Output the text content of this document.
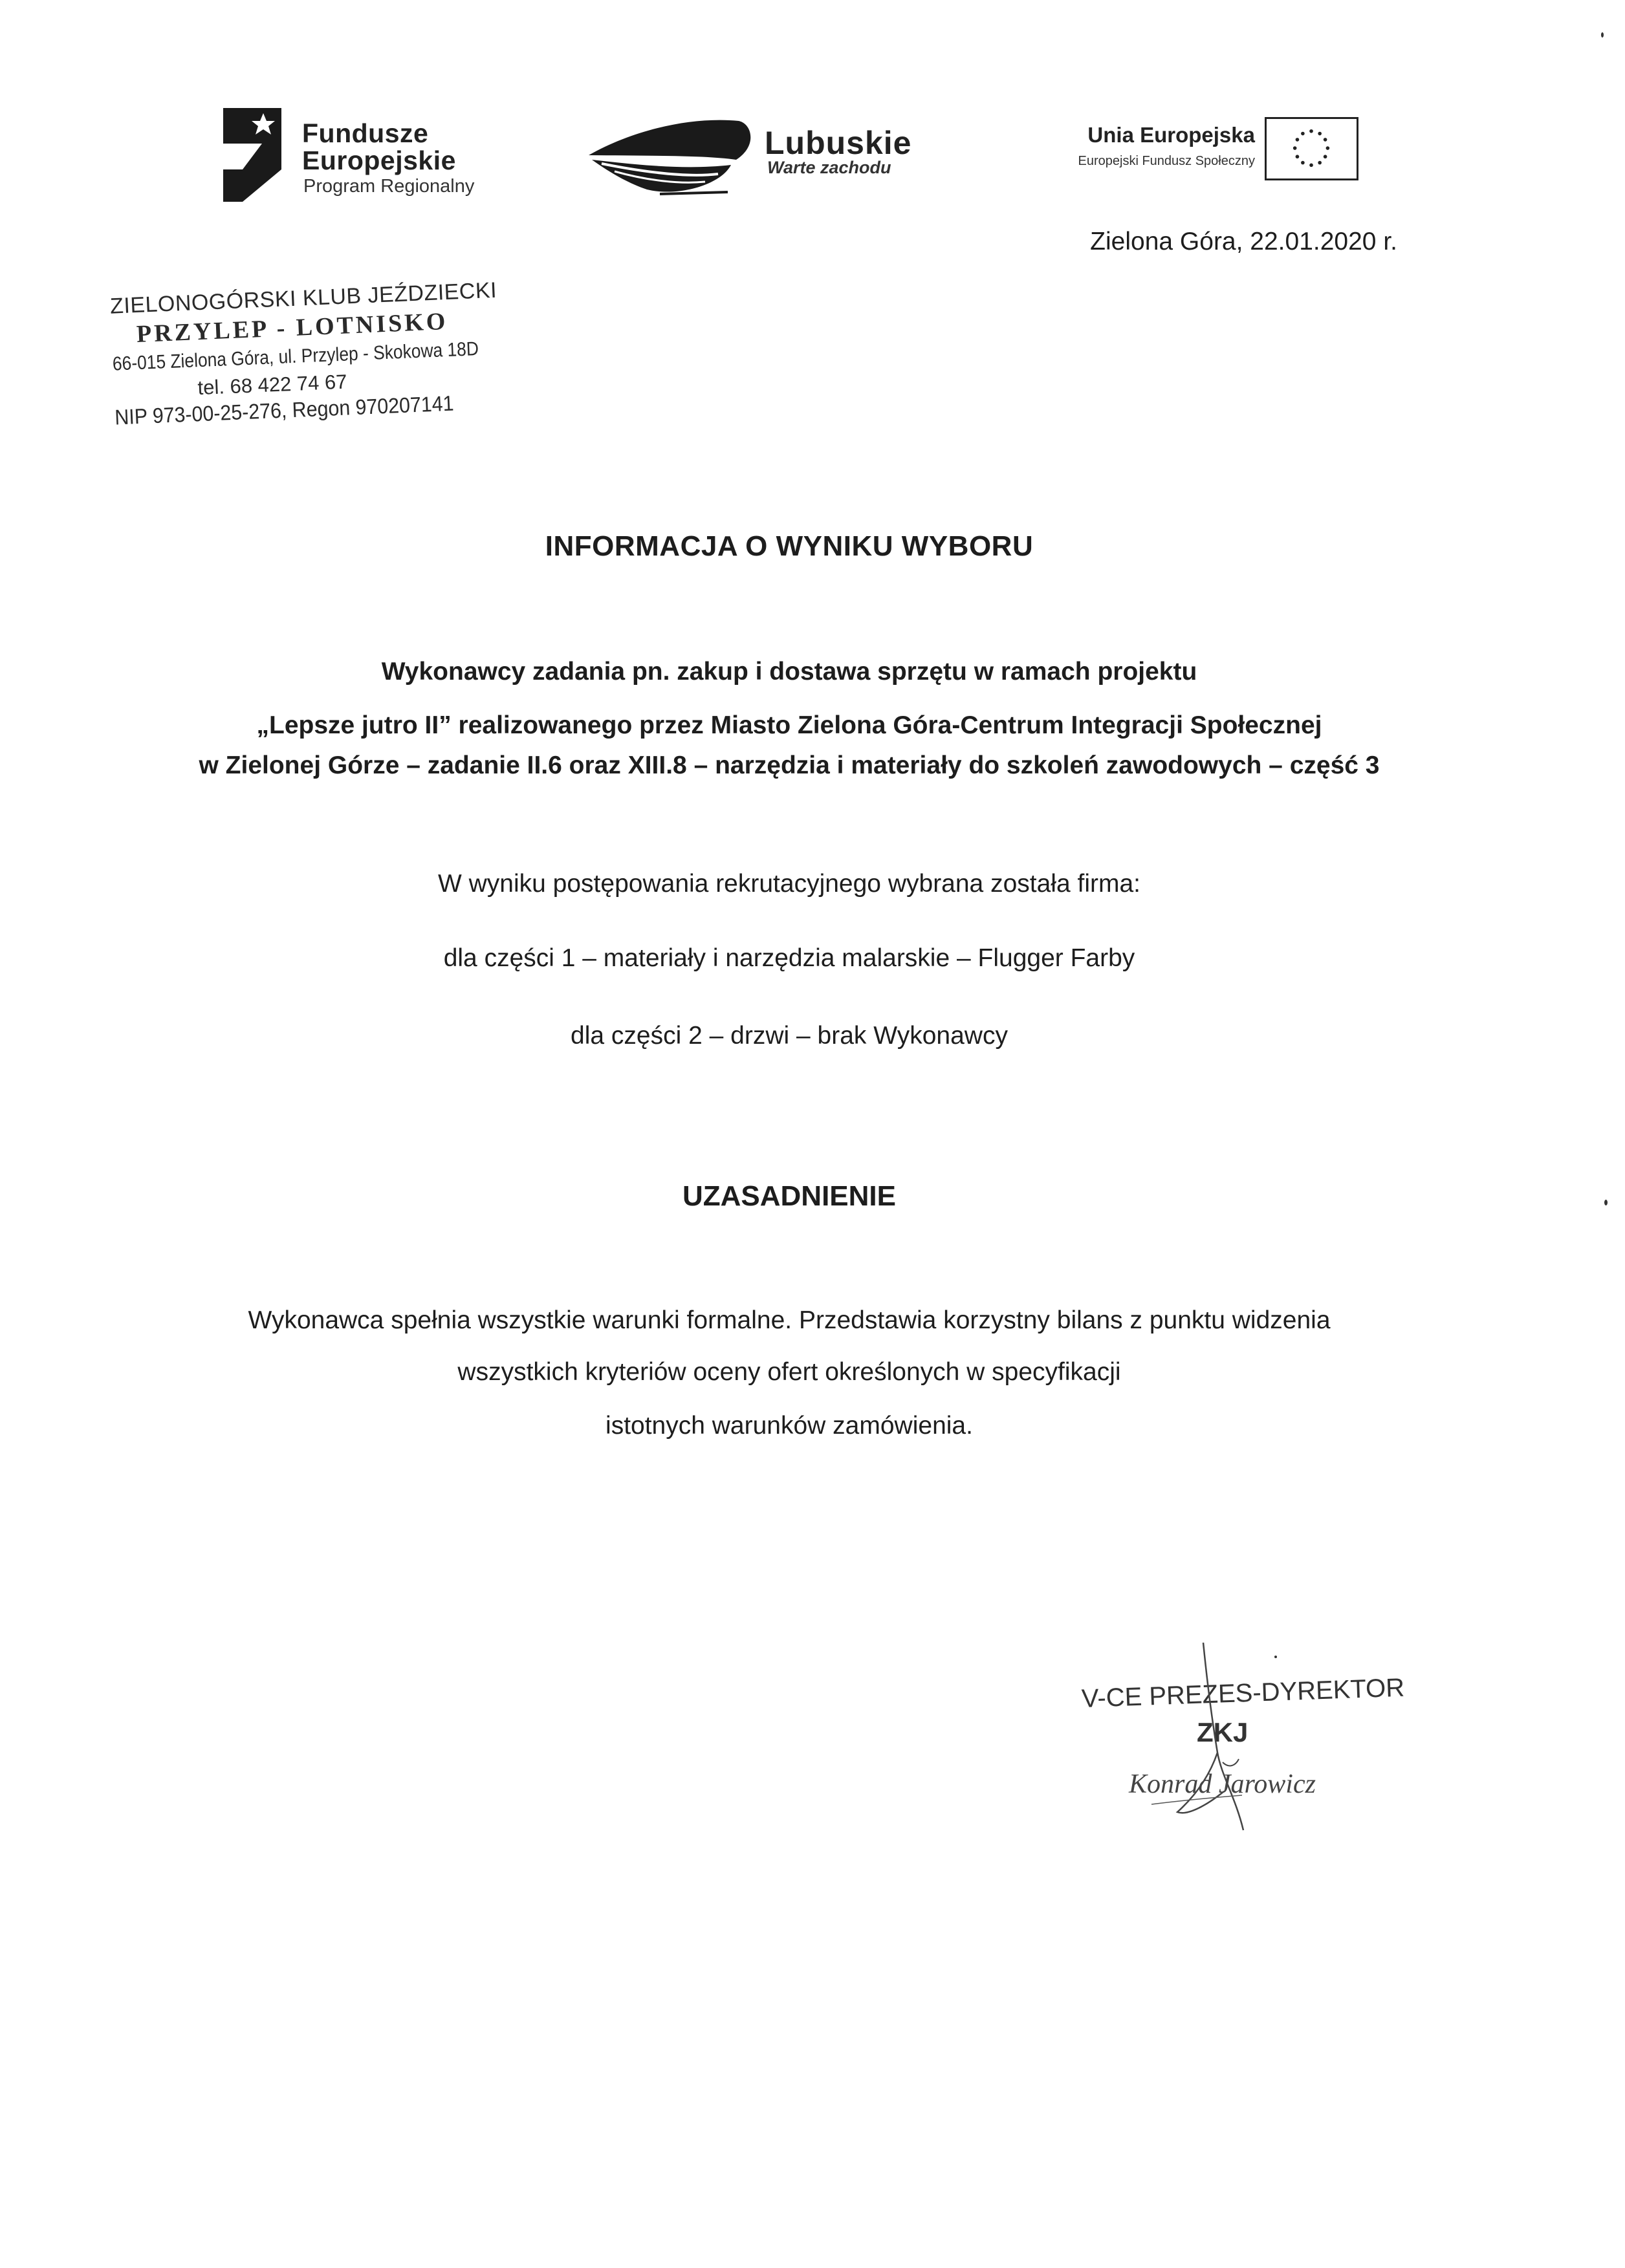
Fundusze
Europejskie
Program Regionalny
Lubuskie
Warte zachodu
Unia Europejska
Europejski Fundusz Społeczny
Zielona Góra, 22.01.2020 r.
ZIELONOGÓRSKI KLUB JEŹDZIECKI
PRZYLEP - LOTNISKO
66-015 Zielona Góra, ul. Przylep - Skokowa 18D
tel. 68 422 74 67
NIP 973-00-25-276, Regon 970207141
INFORMACJA O WYNIKU WYBORU
Wykonawcy zadania pn. zakup i dostawa sprzętu w ramach projektu
„Lepsze jutro II” realizowanego przez Miasto Zielona Góra-Centrum Integracji Społecznej
w Zielonej Górze – zadanie II.6 oraz XIII.8 – narzędzia i materiały do szkoleń zawodowych – część 3
W wyniku postępowania rekrutacyjnego wybrana została firma:
dla części 1 – materiały i narzędzia malarskie – Flugger Farby
dla części 2 – drzwi – brak Wykonawcy
UZASADNIENIE
Wykonawca spełnia wszystkie warunki formalne. Przedstawia korzystny bilans z punktu widzenia
wszystkich kryteriów oceny ofert określonych w specyfikacji
istotnych warunków zamówienia.
V-CE PREZES-DYREKTOR
ZKJ
Konrad Jarowicz
